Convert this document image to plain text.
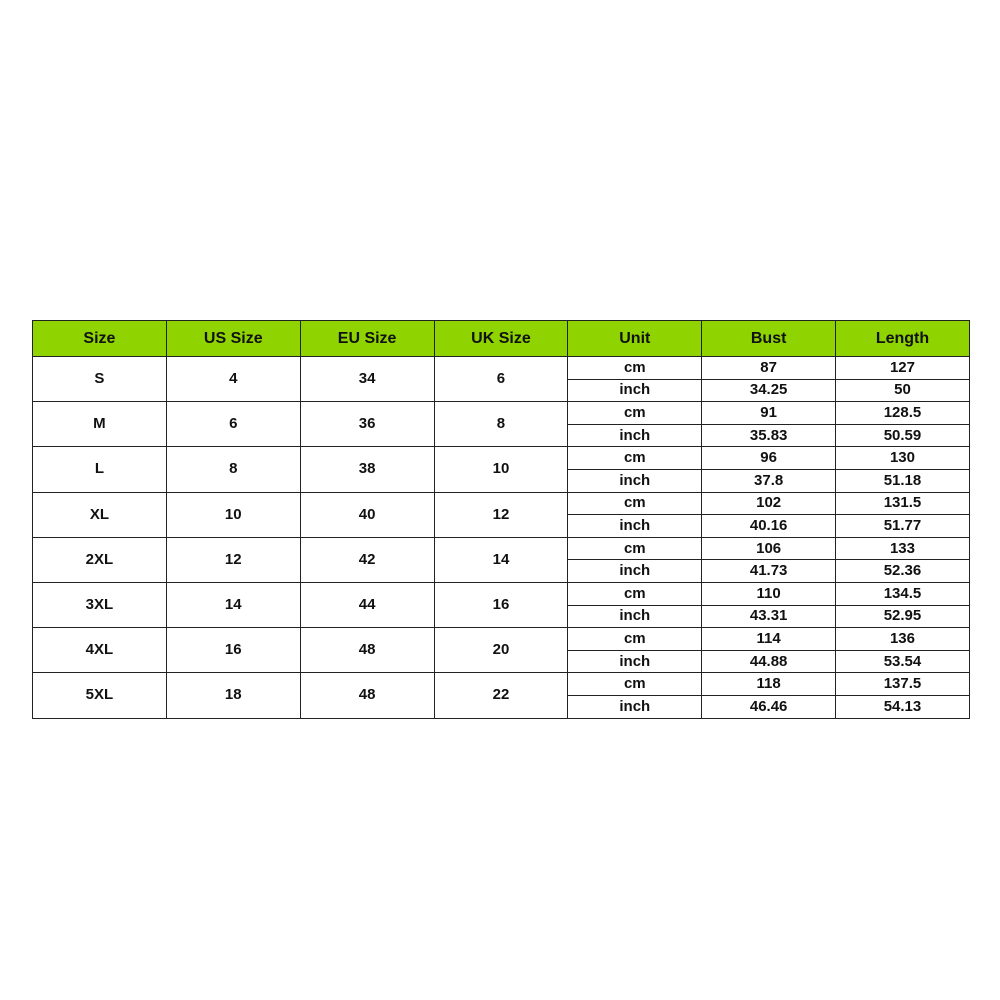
Size	US Size	EU Size	UK Size	Unit	Bust	Length
S	4	34	6	cm	87	127
				inch	34.25	50
M	6	36	8	cm	91	128.5
				inch	35.83	50.59
L	8	38	10	cm	96	130
				inch	37.8	51.18
XL	10	40	12	cm	102	131.5
				inch	40.16	51.77
2XL	12	42	14	cm	106	133
				inch	41.73	52.36
3XL	14	44	16	cm	110	134.5
				inch	43.31	52.95
4XL	16	48	20	cm	114	136
				inch	44.88	53.54
5XL	18	48	22	cm	118	137.5
				inch	46.46	54.13
